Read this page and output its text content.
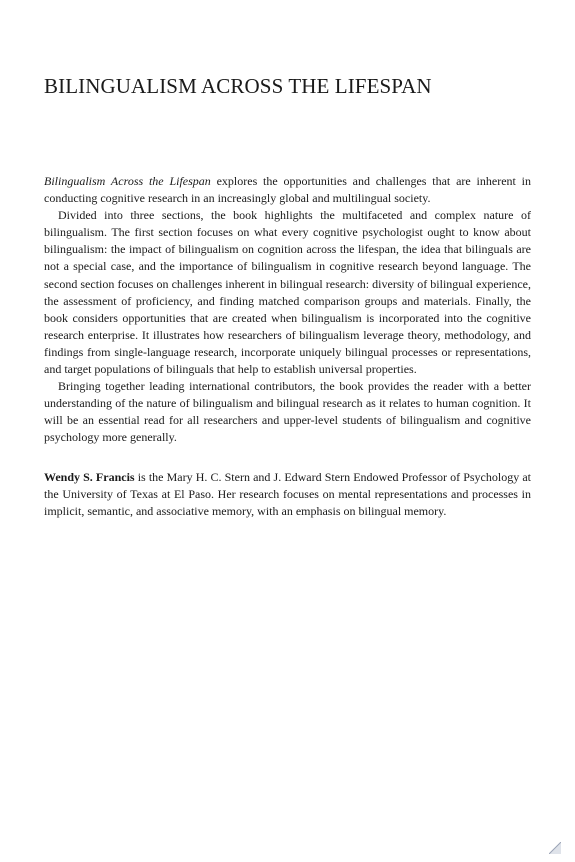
BILINGUALISM ACROSS THE LIFESPAN

Bilingualism Across the Lifespan explores the opportunities and challenges that are inherent in conducting cognitive research in an increasingly global and multilingual society.

Divided into three sections, the book highlights the multifaceted and complex nature of bilingualism. The first section focuses on what every cognitive psychologist ought to know about bilingualism: the impact of bilingualism on cognition across the lifespan, the idea that bilinguals are not a special case, and the importance of bilingualism in cognitive research beyond language. The second section focuses on challenges inherent in bilingual research: diversity of bilingual experience, the assessment of proficiency, and finding matched comparison groups and materials. Finally, the book considers opportunities that are created when bilingualism is incorporated into the cognitive research enterprise. It illustrates how researchers of bilingualism leverage theory, methodology, and findings from single-language research, incorporate uniquely bilingual processes or representations, and target populations of bilinguals that help to establish universal properties.

Bringing together leading international contributors, the book provides the reader with a better understanding of the nature of bilingualism and bilingual research as it relates to human cognition. It will be an essential read for all researchers and upper-level students of bilingualism and cognitive psychology more generally.

Wendy S. Francis is the Mary H. C. Stern and J. Edward Stern Endowed Professor of Psychology at the University of Texas at El Paso. Her research focuses on mental representations and processes in implicit, semantic, and associative memory, with an emphasis on bilingual memory.
